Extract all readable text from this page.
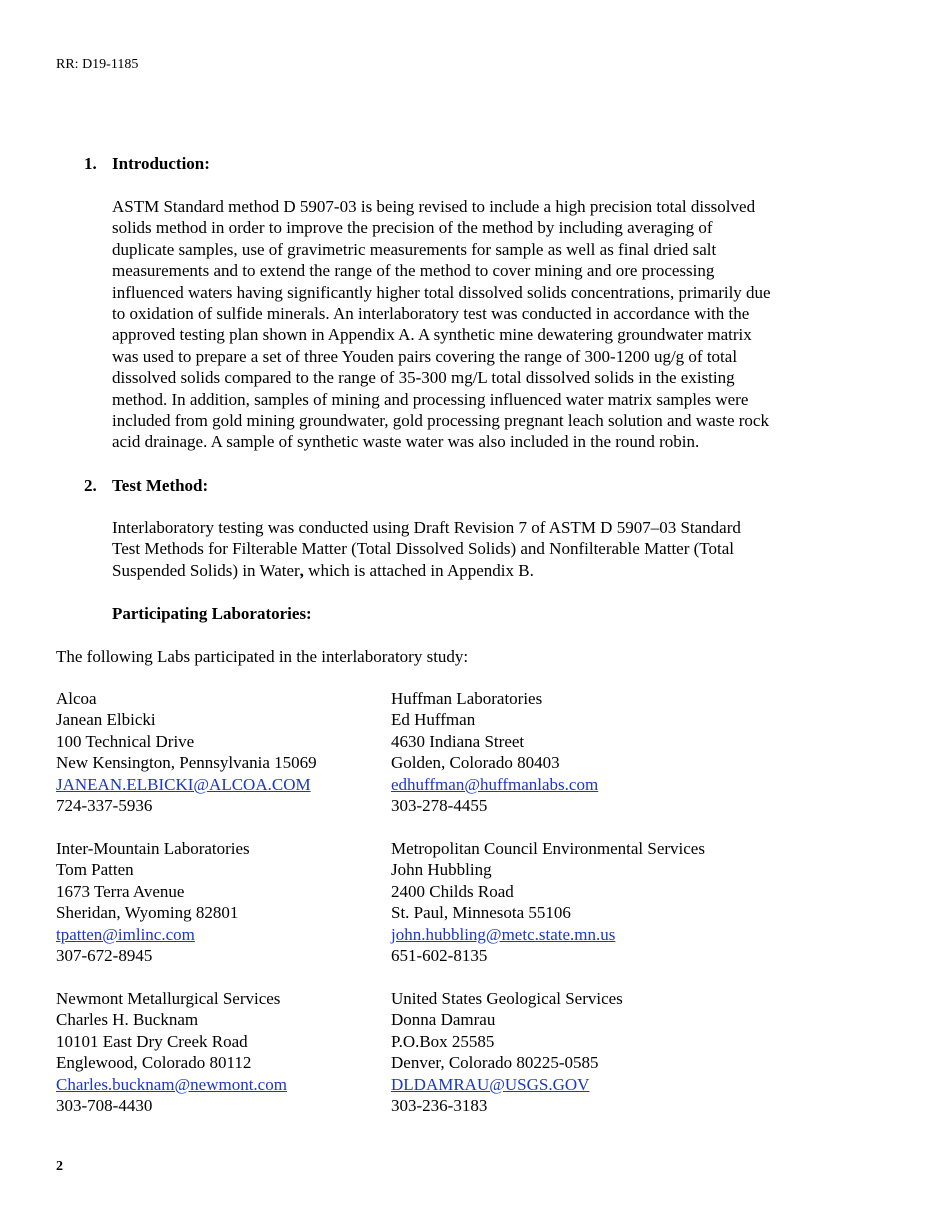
RR: D19-1185
1. Introduction:

ASTM Standard method D 5907-03 is being revised to include a high precision total dissolved

solids method in order to improve the precision of the method by including averaging of

duplicate samples, use of gravimetric measurements for sample as well as final dried salt

measurements and to extend the range of the method to cover mining and ore processing

influenced waters having significantly higher total dissolved solids concentrations, primarily due

to oxidation of sulfide minerals. An interlaboratory test was conducted in accordance with the

approved testing plan shown in Appendix A. A synthetic mine dewatering groundwater matrix

was used to prepare a set of three Youden pairs covering the range of 300-1200 ug/g of total

dissolved solids compared to the range of 35-300 mg/L total dissolved solids in the existing

method. In addition, samples of mining and processing influenced water matrix samples were

included from gold mining groundwater, gold processing pregnant leach solution and waste rock

acid drainage. A sample of synthetic waste water was also included in the round robin.

2. Test Method:

Interlaboratory testing was conducted using Draft Revision 7 of ASTM D 5907–03 Standard

Test Methods for Filterable Matter (Total Dissolved Solids) and Nonfilterable Matter (Total

Suspended Solids) in Water, which is attached in Appendix B.

Participating Laboratories:
The following Labs participated in the interlaboratory study:
Alcoa
Janean Elbicki
100 Technical Drive
New Kensington, Pennsylvania 15069
JANEAN.ELBICKI@ALCOA.COM
724-337-5936
Huffman Laboratories
Ed Huffman
4630 Indiana Street
Golden, Colorado 80403
edhuffman@huffmanlabs.com
303-278-4455
Inter-Mountain Laboratories
Tom Patten
1673 Terra Avenue
Sheridan, Wyoming 82801
tpatten@imlinc.com
307-672-8945
Metropolitan Council Environmental Services
John Hubbling
2400 Childs Road
St. Paul, Minnesota 55106
john.hubbling@metc.state.mn.us
651-602-8135
Newmont Metallurgical Services
Charles H. Bucknam
10101 East Dry Creek Road
Englewood, Colorado 80112
Charles.bucknam@newmont.com
303-708-4430
United States Geological Services
Donna Damrau
P.O.Box 25585
Denver, Colorado 80225-0585
DLDAMRAU@USGS.GOV
303-236-3183
2
